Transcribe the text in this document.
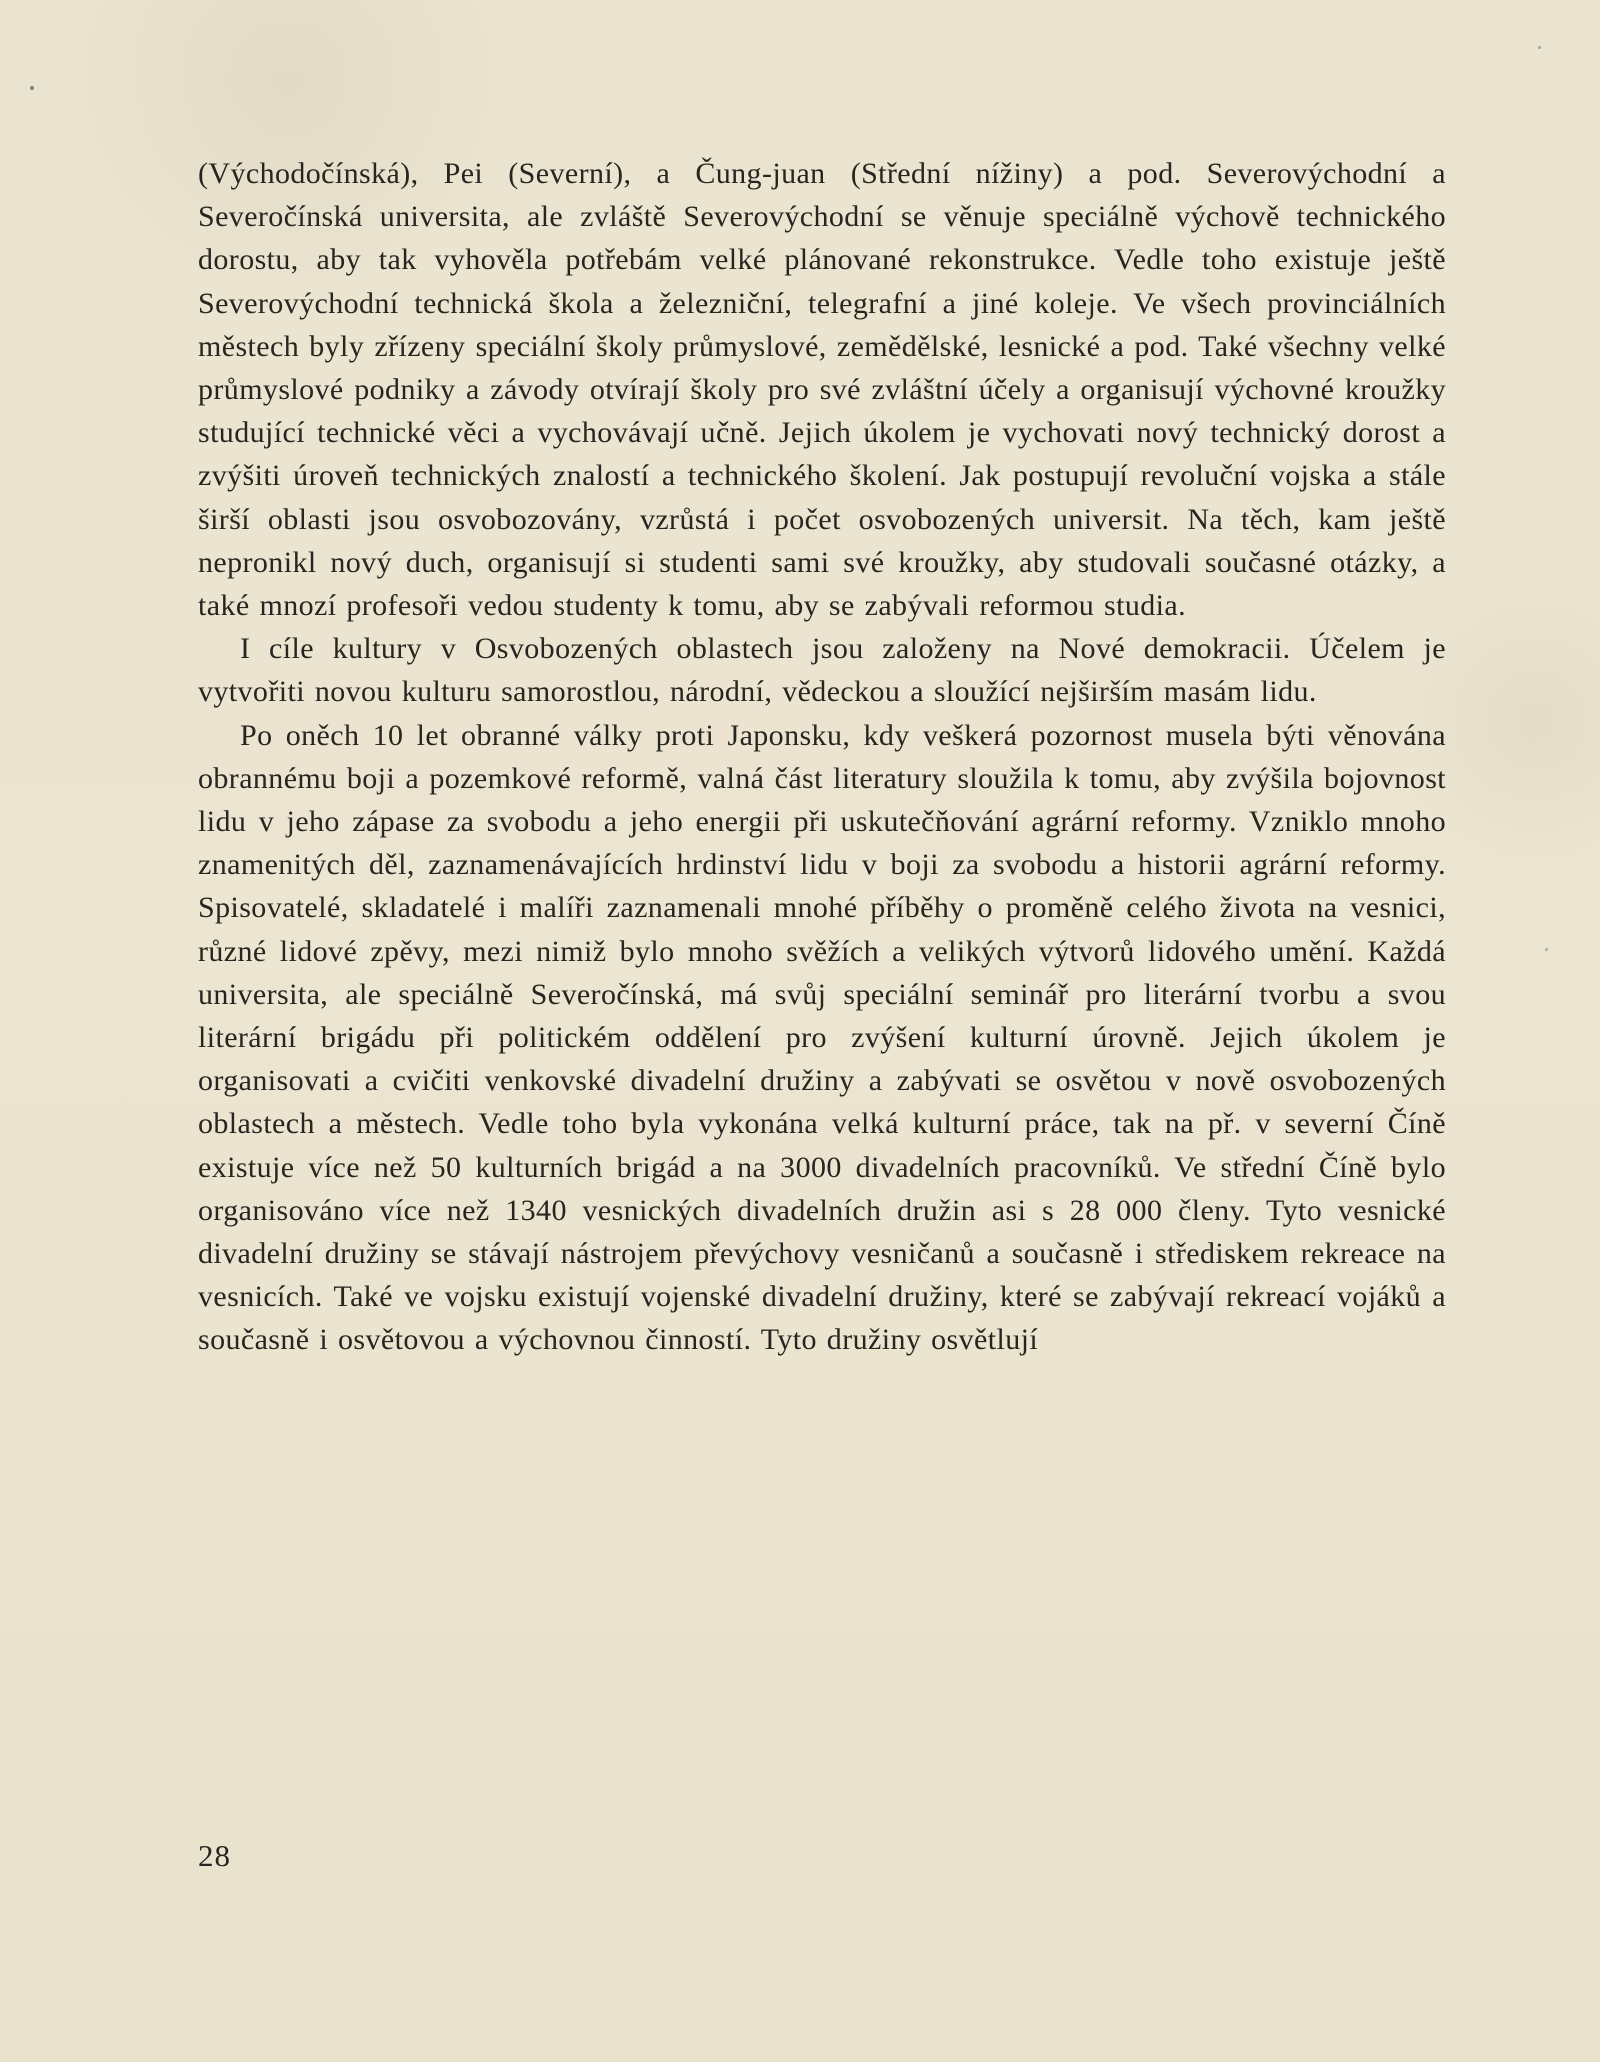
(Východočínská), Pei (Severní), a Čung-juan (Střední nížiny) a pod. Severovýchodní a Severočínská universita, ale zvláště Severovýchodní se věnuje speciálně výchově technického dorostu, aby tak vyhověla potřebám velké plánované rekonstrukce. Vedle toho existuje ještě Severovýchodní technická škola a železniční, telegrafní a jiné koleje. Ve všech provinciálních městech byly zřízeny speciální školy průmyslové, zemědělské, lesnické a pod. Také všechny velké průmyslové podniky a závody otvírají školy pro své zvláštní účely a organisují výchovné kroužky studující technické věci a vychovávají učně. Jejich úkolem je vychovati nový technický dorost a zvýšiti úroveň technických znalostí a technického školení. Jak postupují revoluční vojska a stále širší oblasti jsou osvobozovány, vzrůstá i počet osvobozených universit. Na těch, kam ještě nepronikl nový duch, organisují si studenti sami své kroužky, aby studovali současné otázky, a také mnozí profesoři vedou studenty k tomu, aby se zabývali reformou studia.

I cíle kultury v Osvobozených oblastech jsou založeny na Nové demokracii. Účelem je vytvořiti novou kulturu samorostlou, národní, vědeckou a sloužící nejširším masám lidu.

Po oněch 10 let obranné války proti Japonsku, kdy veškerá pozornost musela býti věnována obrannému boji a pozemkové reformě, valná část literatury sloužila k tomu, aby zvýšila bojovnost lidu v jeho zápase za svobodu a jeho energii při uskutečňování agrární reformy. Vzniklo mnoho znamenitých děl, zaznamenávajících hrdinství lidu v boji za svobodu a historii agrární reformy. Spisovatelé, skladatelé i malíři zaznamenali mnohé příběhy o proměně celého života na vesnici, různé lidové zpěvy, mezi nimiž bylo mnoho svěžích a velikých výtvorů lidového umění. Každá universita, ale speciálně Severočínská, má svůj speciální seminář pro literární tvorbu a svou literární brigádu při politickém oddělení pro zvýšení kulturní úrovně. Jejich úkolem je organisovati a cvičiti venkovské divadelní družiny a zabývati se osvětou v nově osvobozených oblastech a městech. Vedle toho byla vykonána velká kulturní práce, tak na př. v severní Číně existuje více než 50 kulturních brigád a na 3000 divadelních pracovníků. Ve střední Číně bylo organisováno více než 1340 vesnických divadelních družin asi s 28 000 členy. Tyto vesnické divadelní družiny se stávají nástrojem převýchovy vesničanů a současně i střediskem rekreace na vesnicích. Také ve vojsku existují vojenské divadelní družiny, které se zabývají rekreací vojáků a současně i osvětovou a výchovnou činností. Tyto družiny osvětlují

28
